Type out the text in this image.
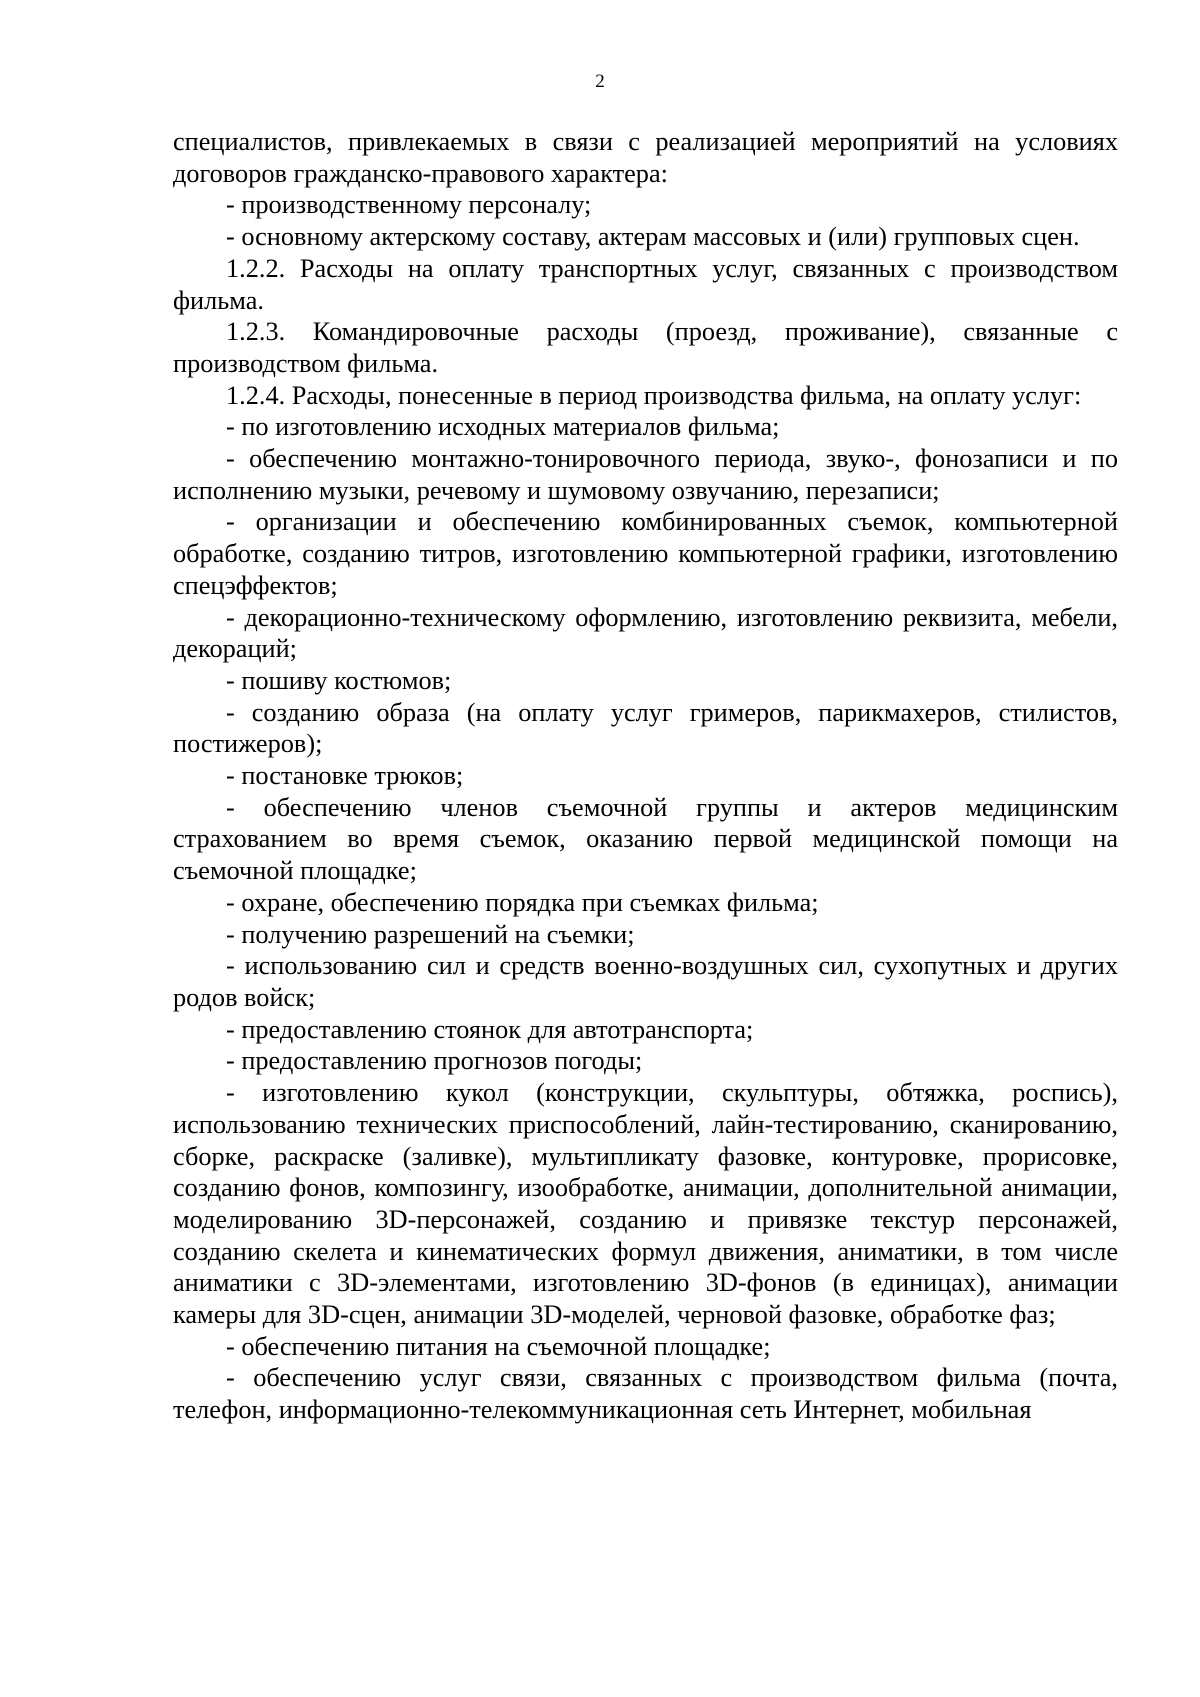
2

специалистов, привлекаемых в связи с реализацией мероприятий на условиях договоров гражданско-правового характера:

- производственному персоналу;

- основному актерскому составу, актерам массовых и (или) групповых сцен.

1.2.2. Расходы на оплату транспортных услуг, связанных с производством фильма.

1.2.3. Командировочные расходы (проезд, проживание), связанные с производством фильма.

1.2.4. Расходы, понесенные в период производства фильма, на оплату услуг:

- по изготовлению исходных материалов фильма;

- обеспечению монтажно-тонировочного периода, звуко-, фонозаписи и по исполнению музыки, речевому и шумовому озвучанию, перезаписи;

- организации и обеспечению комбинированных съемок, компьютерной обработке, созданию титров, изготовлению компьютерной графики, изготовлению спецэффектов;

- декорационно-техническому оформлению, изготовлению реквизита, мебели, декораций;

- пошиву костюмов;

- созданию образа (на оплату услуг гримеров, парикмахеров, стилистов, постижеров);

- постановке трюков;

- обеспечению членов съемочной группы и актеров медицинским страхованием во время съемок, оказанию первой медицинской помощи на съемочной площадке;

- охране, обеспечению порядка при съемках фильма;

- получению разрешений на съемки;

- использованию сил и средств военно-воздушных сил, сухопутных и других родов войск;

- предоставлению стоянок для автотранспорта;

- предоставлению прогнозов погоды;

- изготовлению кукол (конструкции, скульптуры, обтяжка, роспись), использованию технических приспособлений, лайн-тестированию, сканированию, сборке, раскраске (заливке), мультипликату фазовке, контуровке, прорисовке, созданию фонов, композингу, изообработке, анимации, дополнительной анимации, моделированию 3D-персонажей, созданию и привязке текстур персонажей, созданию скелета и кинематических формул движения, аниматики, в том числе аниматики с 3D-элементами, изготовлению 3D-фонов (в единицах), анимации камеры для 3D-сцен, анимации 3D-моделей, черновой фазовке, обработке фаз;

- обеспечению питания на съемочной площадке;

- обеспечению услуг связи, связанных с производством фильма (почта, телефон, информационно-телекоммуникационная сеть Интернет, мобильная
